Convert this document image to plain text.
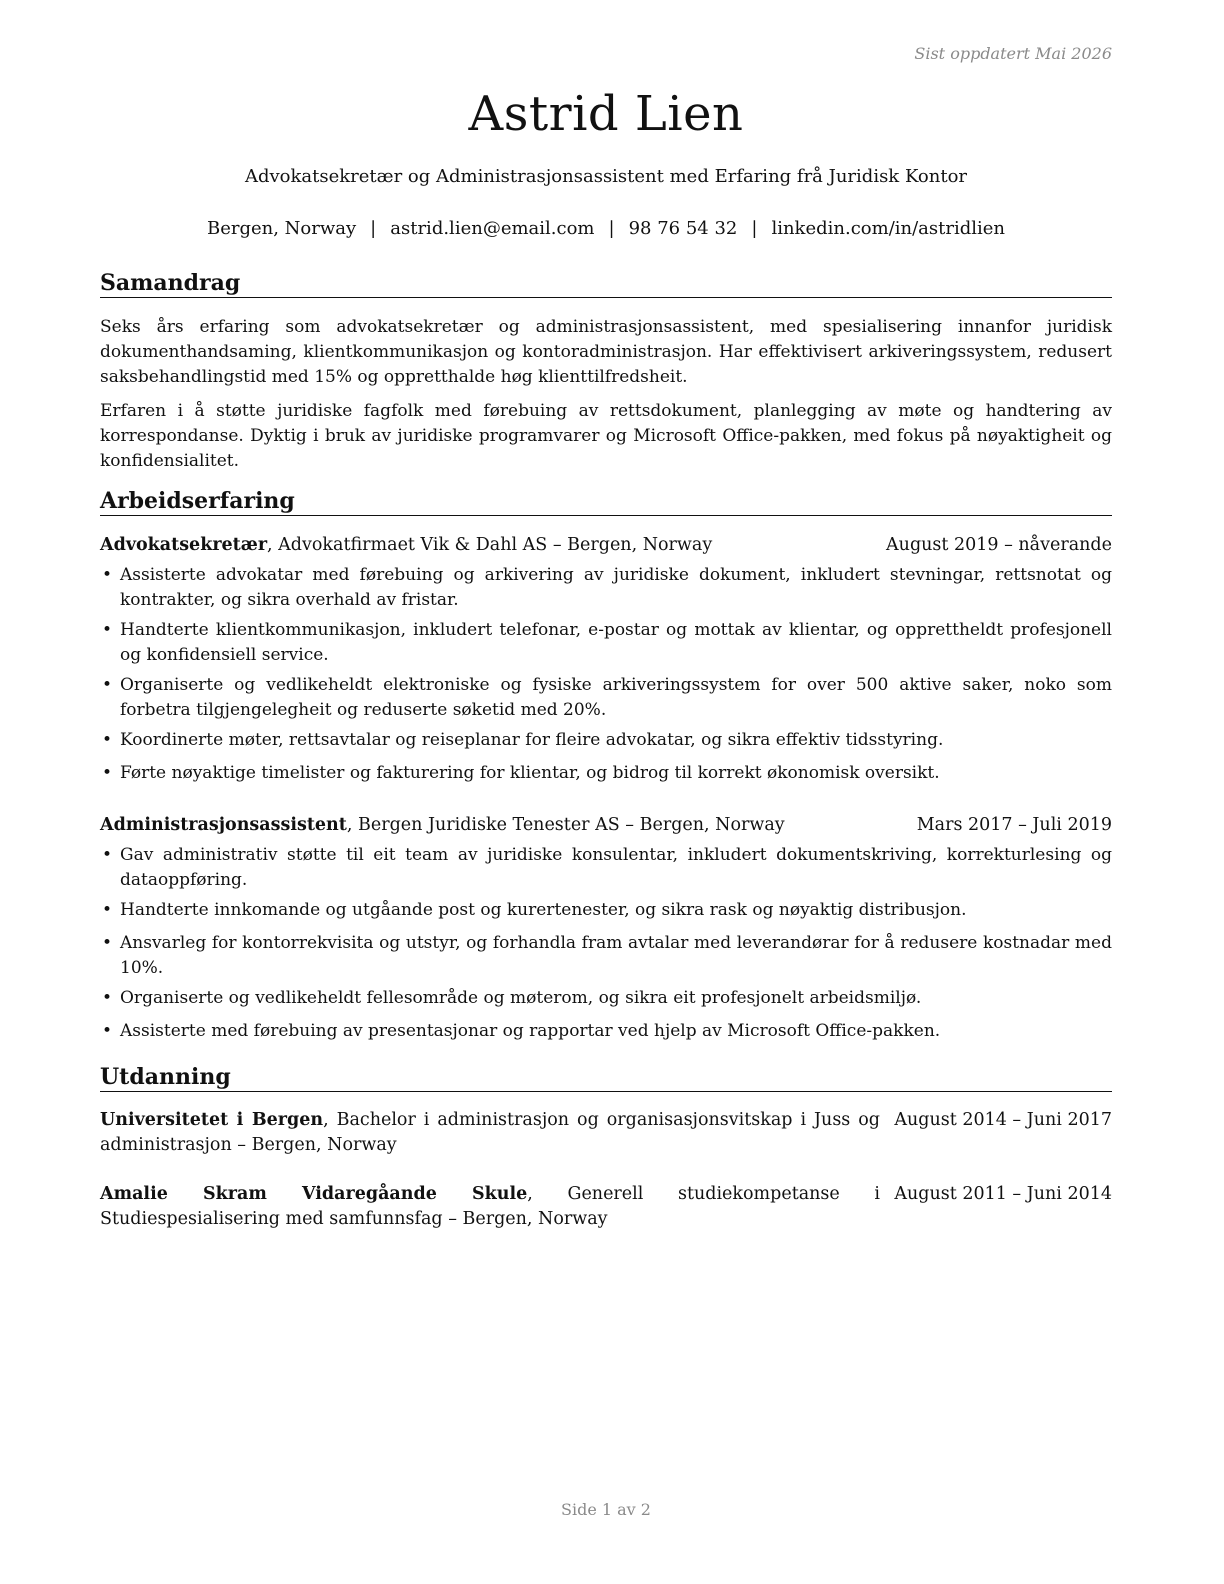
Sist oppdatert Mai 2026
Astrid Lien
Advokatsekretær og Administrasjonsassistent med Erfaring frå Juridisk Kontor
Bergen, Norway | astrid.lien@email.com | 98 76 54 32 | linkedin.com/in/astridlien
Samandrag

Seks års erfaring som advokatsekretær og administrasjonsassistent, med spesialisering innanfor juridisk dokumenthandsaming, klientkommunikasjon og kontoradministrasjon. Har effektivisert arkiveringssystem, redusert saksbehandlingstid med 15% og oppretthalde høg klienttilfredsheit.

Erfaren i å støtte juridiske fagfolk med førebuing av rettsdokument, planlegging av møte og handtering av korrespondanse. Dyktig i bruk av juridiske programvarer og Microsoft Office-pakken, med fokus på nøyaktigheit og konfidensialitet.

Arbeidserfaring
Advokatsekretær, Advokatfirmaet Vik & Dahl AS – Bergen, Norway	August 2019 – nåverande
• Assisterte advokatar med førebuing og arkivering av juridiske dokument, inkludert stevningar, rettsnotat og kontrakter, og sikra overhald av fristar.
• Handterte klientkommunikasjon, inkludert telefonar, e-postar og mottak av klientar, og opprettheldt profesjonell og konfidensiell service.
• Organiserte og vedlikeheldt elektroniske og fysiske arkiveringssystem for over 500 aktive saker, noko som forbetra tilgjengelegheit og reduserte søketid med 20%.
• Koordinerte møter, rettsavtalar og reiseplanar for fleire advokatar, og sikra effektiv tidsstyring.
• Førte nøyaktige timelister og fakturering for klientar, og bidrog til korrekt økonomisk oversikt.
Administrasjonsassistent, Bergen Juridiske Tenester AS – Bergen, Norway	Mars 2017 – Juli 2019
• Gav administrativ støtte til eit team av juridiske konsulentar, inkludert dokumentskriving, korrekturlesing og dataoppføring.
• Handterte innkomande og utgåande post og kurertenester, og sikra rask og nøyaktig distribusjon.
• Ansvarleg for kontorrekvisita og utstyr, og forhandla fram avtalar med leverandørar for å redusere kostnadar med 10%.
• Organiserte og vedlikeheldt fellesområde og møterom, og sikra eit profesjonelt arbeidsmiljø.
• Assisterte med førebuing av presentasjonar og rapportar ved hjelp av Microsoft Office-pakken.
Utdanning
Universitetet i Bergen, Bachelor i administrasjon og organisasjonsvitskap i Juss og administrasjon – Bergen, Norway
August 2014 – Juni 2017
Amalie Skram Vidaregåande Skule, Generell studiekompetanse i Studiespesialisering med samfunnsfag – Bergen, Norway
August 2011 – Juni 2014
Side 1 av 2
